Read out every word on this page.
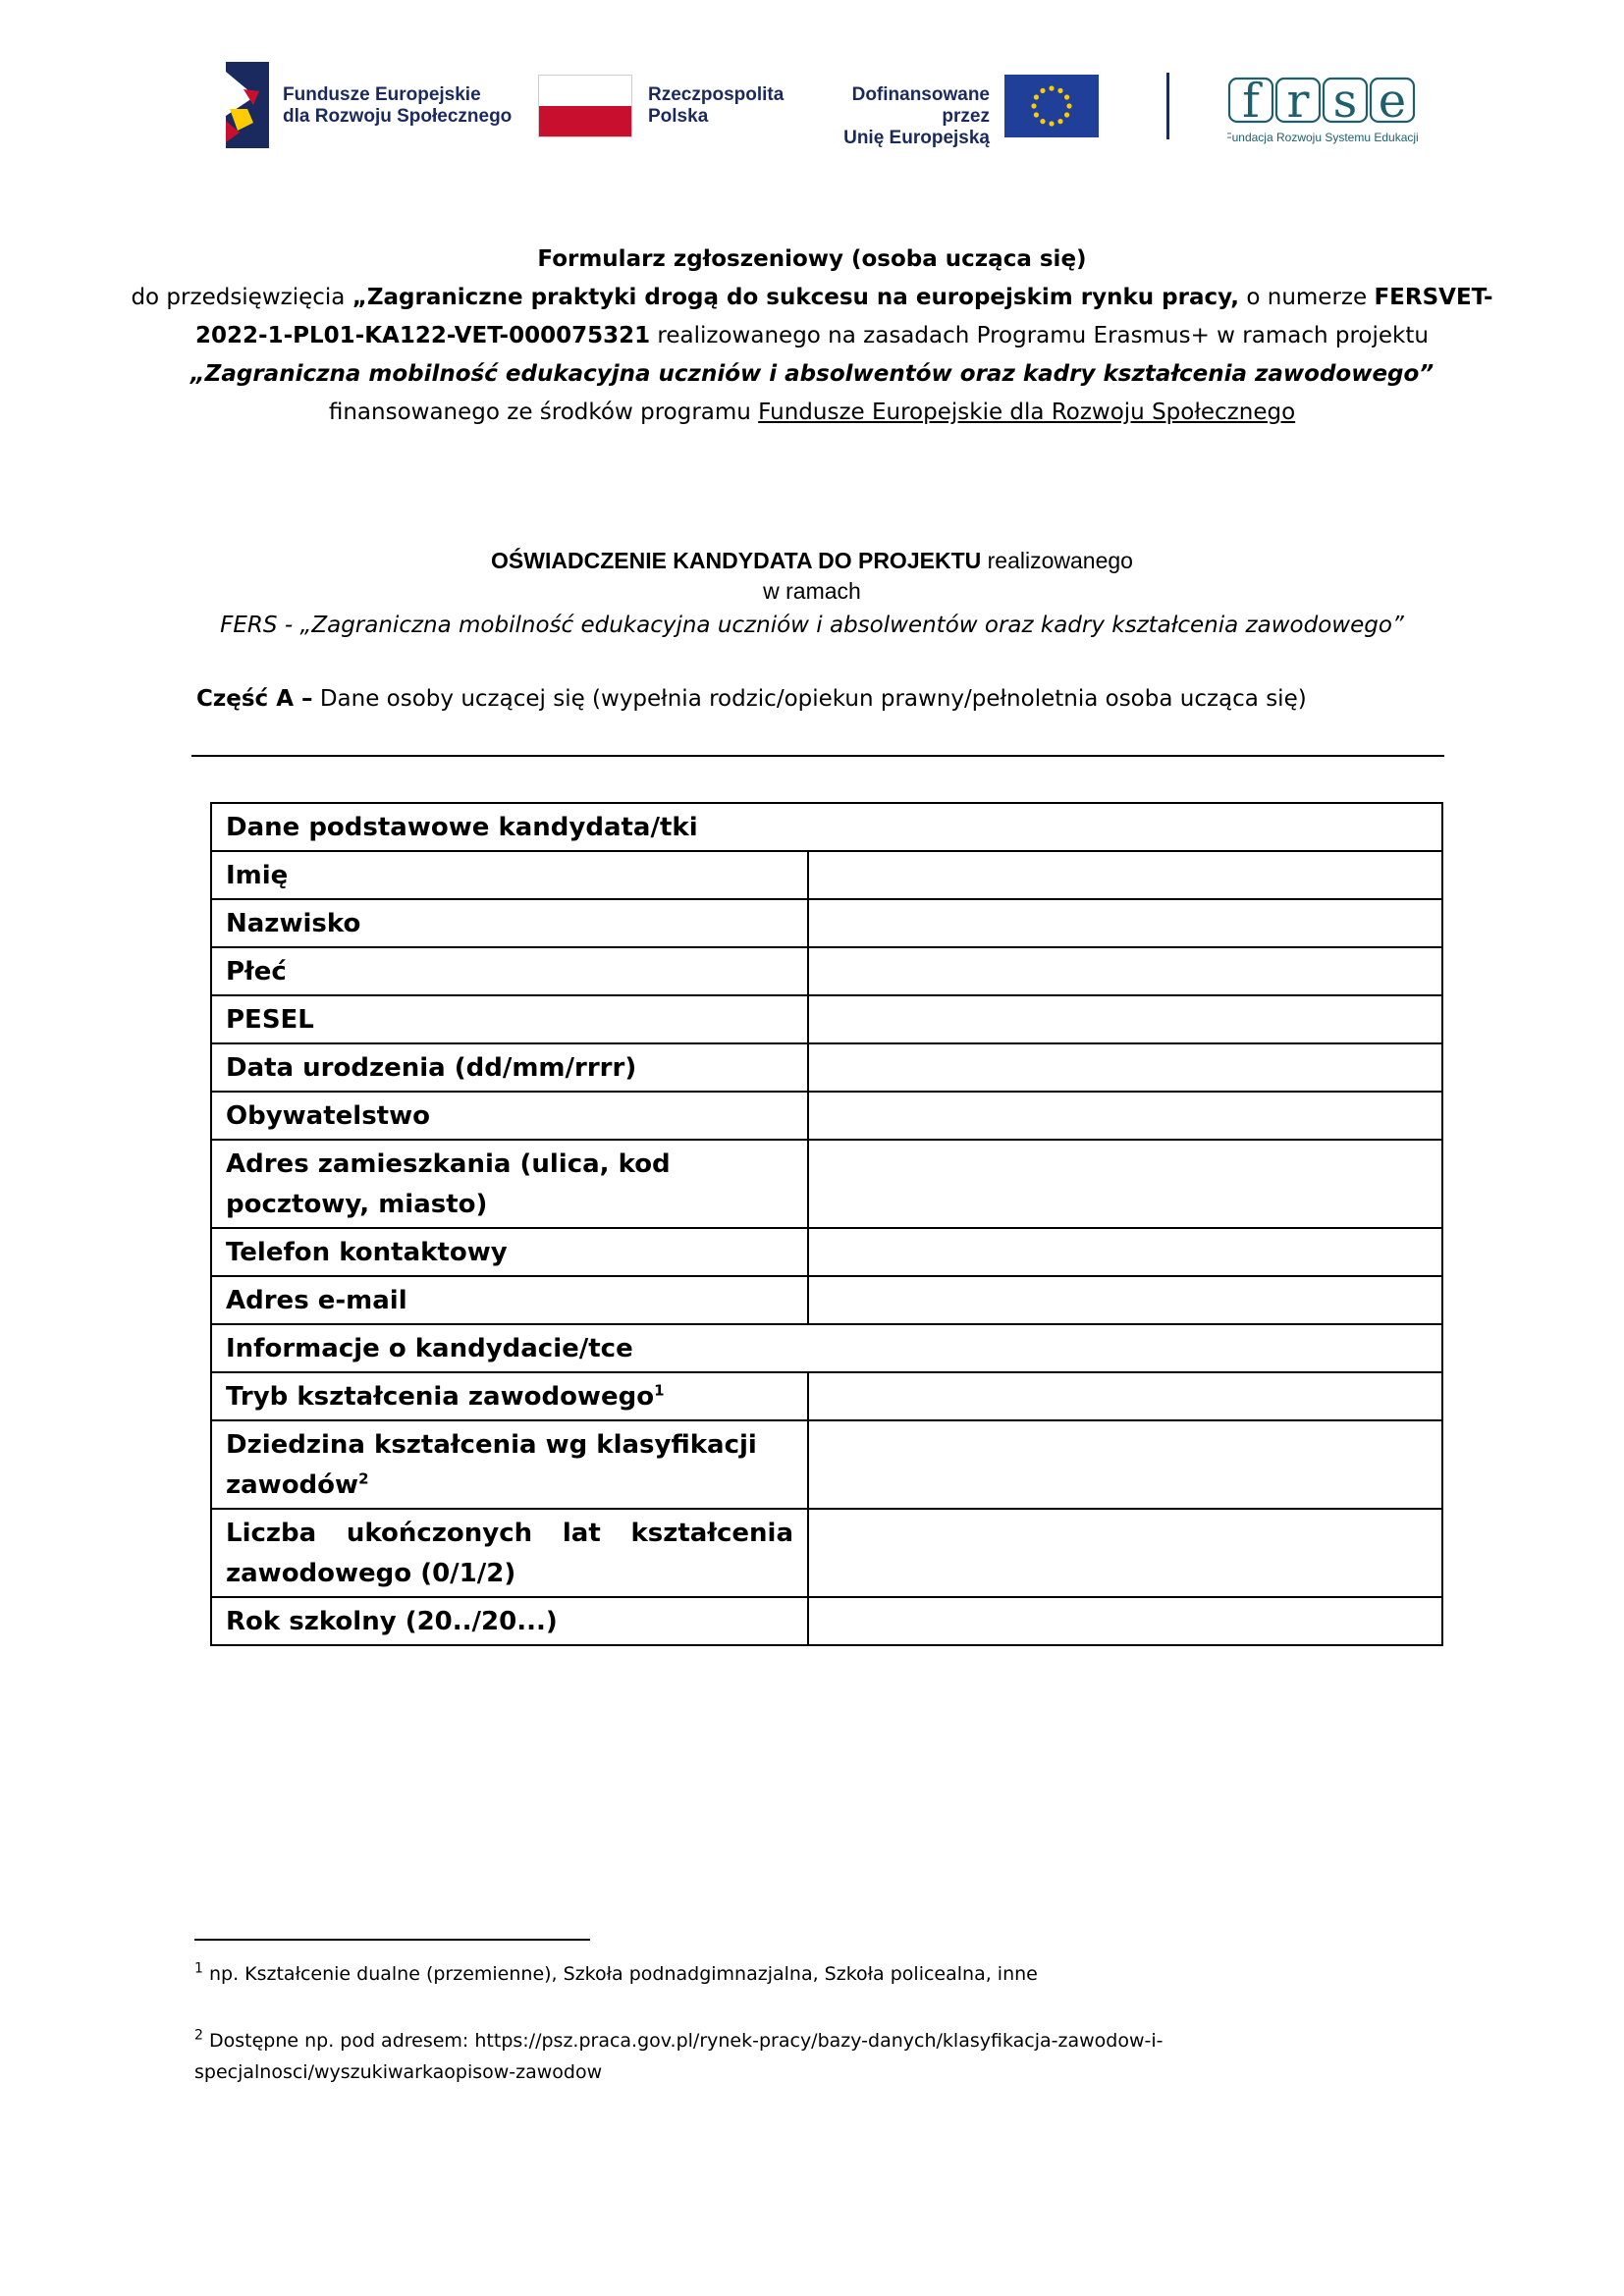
Fundusze Europejskie
dla Rozwoju Społecznego
Rzeczpospolita
Polska
Dofinansowane przez
Unię Europejską
f r s e
Fundacja Rozwoju Systemu Edukacji
Formularz zgłoszeniowy (osoba ucząca się)
do przedsięwzięcia „Zagraniczne praktyki drogą do sukcesu na europejskim rynku pracy, o numerze FERSVET-
2022-1-PL01-KA122-VET-000075321 realizowanego na zasadach Programu Erasmus+ w ramach projektu
„Zagraniczna mobilność edukacyjna uczniów i absolwentów oraz kadry kształcenia zawodowego”
finansowanego ze środków programu Fundusze Europejskie dla Rozwoju Społecznego
OŚWIADCZENIE KANDYDATA DO PROJEKTU realizowanego
w ramach
FERS - „Zagraniczna mobilność edukacyjna uczniów i absolwentów oraz kadry kształcenia zawodowego”
Część A – Dane osoby uczącej się (wypełnia rodzic/opiekun prawny/pełnoletnia osoba ucząca się)
Dane podstawowe kandydata/tki	
Imię	
Nazwisko	
Płeć	
PESEL	
Data urodzenia (dd/mm/rrrr)	
Obywatelstwo	
Adres zamieszkania (ulica, kod pocztowy, miasto)	
Telefon kontaktowy	
Adres e-mail	
Informacje o kandydacie/tce	
Tryb kształcenia zawodowego$^1$	
Dziedzina kształcenia wg klasyfikacji zawodów$^2$	
Liczba ukończonych lat kształcenia zawodowego (0/1/2)	
Rok szkolny (20../20...)	
$^1$ np. Kształcenie dualne (przemienne), Szkoła podnadgimnazjalna, Szkoła policealna, inne
$^2$ Dostępne np. pod adresem: https://psz.praca.gov.pl/rynek-pracy/bazy-danych/klasyfikacja-zawodow-i-specjalnosci/wyszukiwarkaopisow-zawodow
